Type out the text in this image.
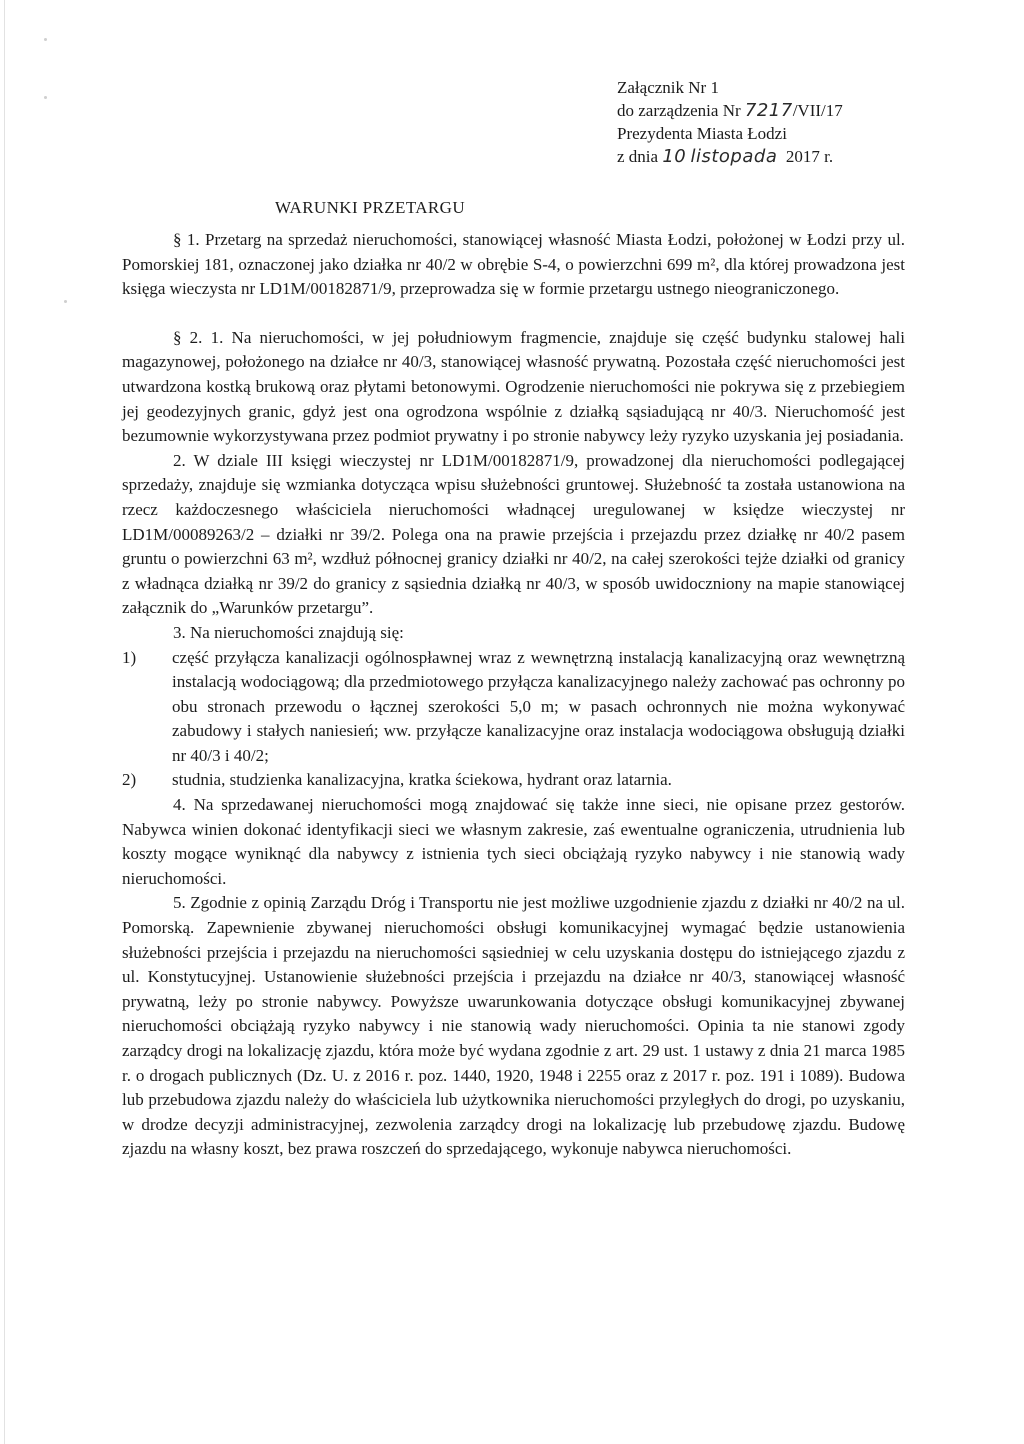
Załącznik Nr 1
do zarządzenia Nr 7217/VII/17
Prezydenta Miasta Łodzi
z dnia 10 listopada 2017 r.
WARUNKI PRZETARGU

§ 1. Przetarg na sprzedaż nieruchomości, stanowiącej własność Miasta Łodzi, położonej w Łodzi przy ul. Pomorskiej 181, oznaczonej jako działka nr 40/2 w obrębie S-4, o powierzchni 699 m², dla której prowadzona jest księga wieczysta nr LD1M/00182871/9, przeprowadza się w formie przetargu ustnego nieograniczonego.

§ 2. 1. Na nieruchomości, w jej południowym fragmencie, znajduje się część budynku stalowej hali magazynowej, położonego na działce nr 40/3, stanowiącej własność prywatną. Pozostała część nieruchomości jest utwardzona kostką brukową oraz płytami betonowymi. Ogrodzenie nieruchomości nie pokrywa się z przebiegiem jej geodezyjnych granic, gdyż jest ona ogrodzona wspólnie z działką sąsiadującą nr 40/3. Nieruchomość jest bezumownie wykorzystywana przez podmiot prywatny i po stronie nabywcy leży ryzyko uzyskania jej posiadania.

2. W dziale III księgi wieczystej nr LD1M/00182871/9, prowadzonej dla nieruchomości podlegającej sprzedaży, znajduje się wzmianka dotycząca wpisu służebności gruntowej. Służebność ta została ustanowiona na rzecz każdoczesnego właściciela nieruchomości władnącej uregulowanej w księdze wieczystej nr LD1M/00089263/2 – działki nr 39/2. Polega ona na prawie przejścia i przejazdu przez działkę nr 40/2 pasem gruntu o powierzchni 63 m², wzdłuż północnej granicy działki nr 40/2, na całej szerokości tejże działki od granicy z władnąca działką nr 39/2 do granicy z sąsiednia działką nr 40/3, w sposób uwidoczniony na mapie stanowiącej załącznik do „Warunków przetargu”.

3. Na nieruchomości znajdują się:

1) część przyłącza kanalizacji ogólnospławnej wraz z wewnętrzną instalacją kanalizacyjną oraz wewnętrzną instalacją wodociągową; dla przedmiotowego przyłącza kanalizacyjnego należy zachować pas ochronny po obu stronach przewodu o łącznej szerokości 5,0 m; w pasach ochronnych nie można wykonywać zabudowy i stałych naniesień; ww. przyłącze kanalizacyjne oraz instalacja wodociągowa obsługują działki nr 40/3 i 40/2;
2) studnia, studzienka kanalizacyjna, kratka ściekowa, hydrant oraz latarnia.

4. Na sprzedawanej nieruchomości mogą znajdować się także inne sieci, nie opisane przez gestorów. Nabywca winien dokonać identyfikacji sieci we własnym zakresie, zaś ewentualne ograniczenia, utrudnienia lub koszty mogące wyniknąć dla nabywcy z istnienia tych sieci obciążają ryzyko nabywcy i nie stanowią wady nieruchomości.

5. Zgodnie z opinią Zarządu Dróg i Transportu nie jest możliwe uzgodnienie zjazdu z działki nr 40/2 na ul. Pomorską. Zapewnienie zbywanej nieruchomości obsługi komunikacyjnej wymagać będzie ustanowienia służebności przejścia i przejazdu na nieruchomości sąsiedniej w celu uzyskania dostępu do istniejącego zjazdu z ul. Konstytucyjnej. Ustanowienie służebności przejścia i przejazdu na działce nr 40/3, stanowiącej własność prywatną, leży po stronie nabywcy. Powyższe uwarunkowania dotyczące obsługi komunikacyjnej zbywanej nieruchomości obciążają ryzyko nabywcy i nie stanowią wady nieruchomości. Opinia ta nie stanowi zgody zarządcy drogi na lokalizację zjazdu, która może być wydana zgodnie z art. 29 ust. 1 ustawy z dnia 21 marca 1985 r. o drogach publicznych (Dz. U. z 2016 r. poz. 1440, 1920, 1948 i 2255 oraz z 2017 r. poz. 191 i 1089). Budowa lub przebudowa zjazdu należy do właściciela lub użytkownika nieruchomości przyległych do drogi, po uzyskaniu, w drodze decyzji administracyjnej, zezwolenia zarządcy drogi na lokalizację lub przebudowę zjazdu. Budowę zjazdu na własny koszt, bez prawa roszczeń do sprzedającego, wykonuje nabywca nieruchomości.
